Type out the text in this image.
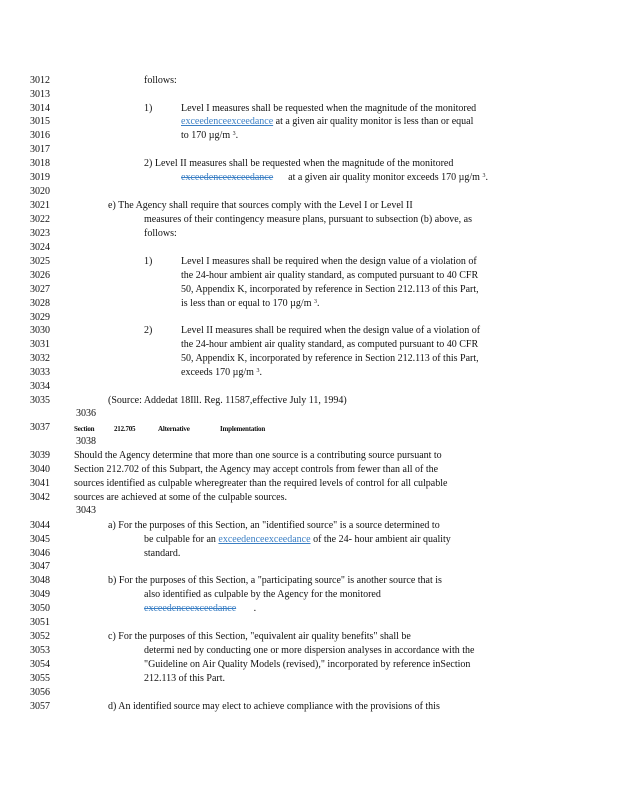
3012
3013
3014
3015
3016
3017
3018
3019
3020
3021
3022
3023
3024
3025
3026
3027
3028
3029
3030
3031
3032
3033
3034
3035
3036
3037
3038
3039
3040
3041
3042
3043
3044
3045
3046
3047
3048
3049
3050
3051
3052
3053
3054
3055
3056
3057
follows:
1)	Level I measures shall be requested when the magnitude of the monitored
exceedenceexceedance at a given air quality monitor is less than or equal
to 170 µg/m $^3$.
2) Level II measures shall be requested when the magnitude of the monitored
exceedenceexceedance at a given air quality monitor exceeds 170 µg/m $^3$.
e) The Agency shall require that sources comply with the Level I or Level II
measures of their contingency measure plans, pursuant to subsection (b) above, as
follows:
1)	Level I measures shall be required when the design value of a violation of
the 24-hour ambient air quality standard, as computed pursuant to 40 CFR
50, Appendix K, incorporated by reference in Section 212.113 of this Part,
is less than or equal to 170 µg/m $^3$.
2)	Level II measures shall be required when the design value of a violation of
the 24-hour ambient air quality standard, as computed pursuant to 40 CFR
50, Appendix K, incorporated by reference in Section 212.113 of this Part,
exceeds 170 µg/m $^3$.
(Source: Addedat 18Ill. Reg. 11587,effective July 11, 1994)
Section	212.705	Alternative	Implementation
Should the Agency determine that more than one source is a contributing source pursuant to
Section 212.702 of this Subpart, the Agency may accept controls from fewer than all of the
sources identified as culpable wheregreater than the required levels of control for all culpable
sources are achieved at some of the culpable sources.
a) For the purposes of this Section, an "identified source" is a source determined to
be culpable for an exceedenceexceedance of the 24- hour ambient air quality
standard.
b) For the purposes of this Section, a "participating source" is another source that is
also identified as culpable by the Agency for the monitored
exceedenceexceedance .
c) For the purposes of this Section, "equivalent air quality benefits" shall be
determi ned by conducting one or more dispersion analyses in accordance with the
"Guideline on Air Quality Models (revised)," incorporated by reference inSection
212.113 of this Part.
d) An identified source may elect to achieve compliance with the provisions of this
